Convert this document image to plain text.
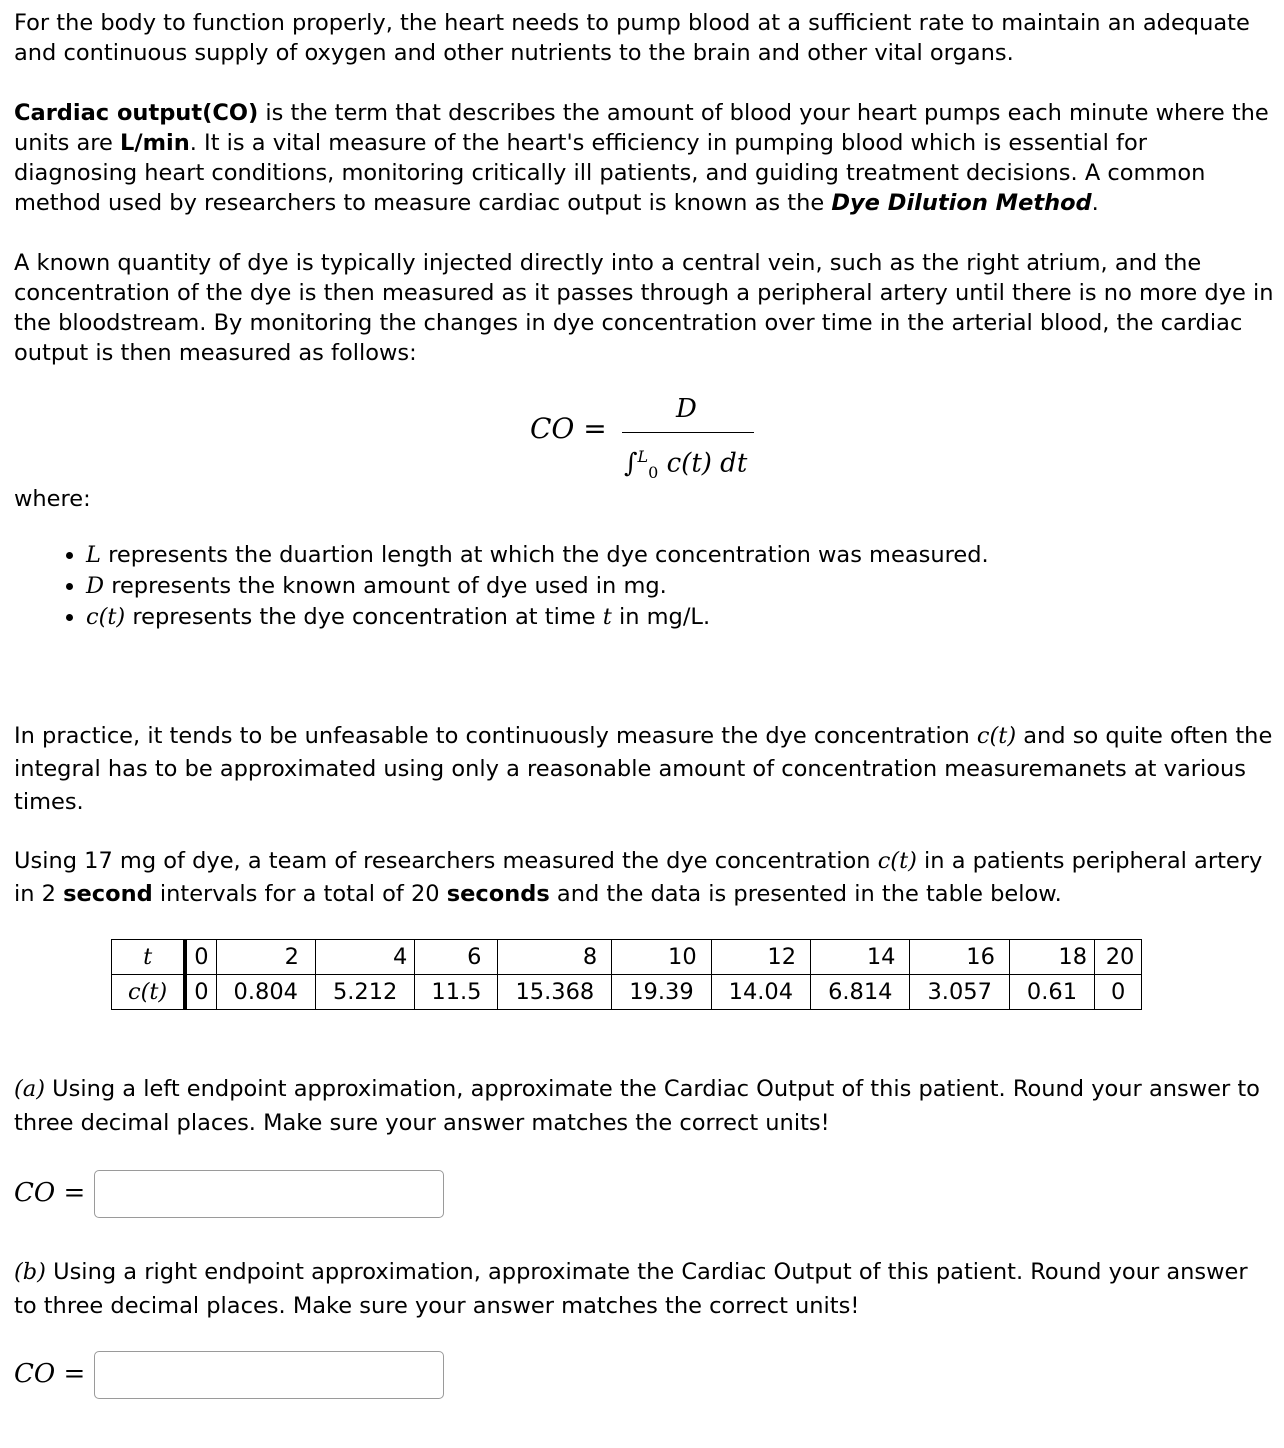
For the body to function properly, the heart needs to pump blood at a sufficient rate to maintain an adequate and continuous supply of oxygen and other nutrients to the brain and other vital organs.

Cardiac output(CO) is the term that describes the amount of blood your heart pumps each minute where the units are L/min. It is a vital measure of the heart's efficiency in pumping blood which is essential for diagnosing heart conditions, monitoring critically ill patients, and guiding treatment decisions. A common method used by researchers to measure cardiac output is known as the Dye Dilution Method.

A known quantity of dye is typically injected directly into a central vein, such as the right atrium, and the concentration of the dye is then measured as it passes through a peripheral artery until there is no more dye in the bloodstream. By monitoring the changes in dye concentration over time in the arterial blood, the cardiac output is then measured as follows:

CO =
D
∫$^L_0$ c(t) dt

where:

• L represents the duartion length at which the dye concentration was measured.
• D represents the known amount of dye used in mg.
• c(t) represents the dye concentration at time t in mg/L.

In practice, it tends to be unfeasable to continuously measure the dye concentration c(t) and so quite often the integral has to be approximated using only a reasonable amount of concentration measuremanets at various times.

Using 17 mg of dye, a team of researchers measured the dye concentration c(t) in a patients peripheral artery in 2 second intervals for a total of 20 seconds and the data is presented in the table below.

t	0	2	4	6	8	10	12	14	16	18	20
c(t)	0	0.804	5.212	11.5	15.368	19.39	14.04	6.814	3.057	0.61	0

(a) Using a left endpoint approximation, approximate the Cardiac Output of this patient. Round your answer to three decimal places. Make sure your answer matches the correct units!

CO =

(b) Using a right endpoint approximation, approximate the Cardiac Output of this patient. Round your answer to three decimal places. Make sure your answer matches the correct units!

CO =
